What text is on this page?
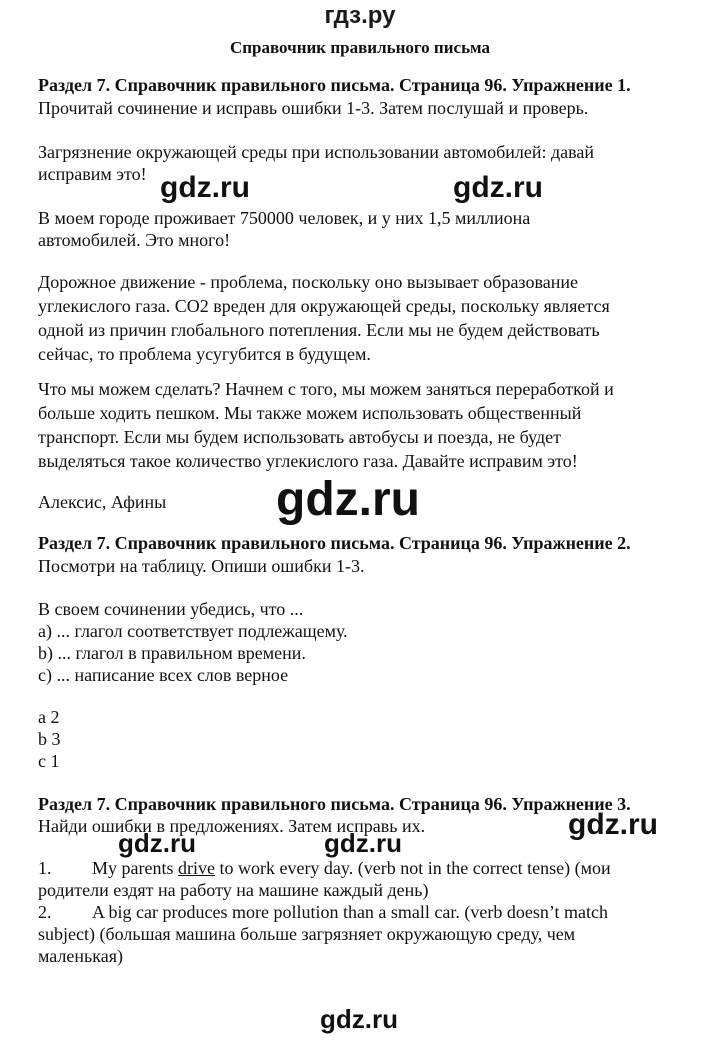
гдз.ру
Справочник правильного письма
Раздел 7. Справочник правильного письма. Страница 96. Упражнение 1.
Прочитай сочинение и исправь ошибки 1-3. Затем послушай и проверь.
Загрязнение окружающей среды при использовании автомобилей: давай
исправим это!
В моем городе проживает 750000 человек, и у них 1,5 миллиона
автомобилей. Это много!
Дорожное движение - проблема, поскольку оно вызывает образование
углекислого газа. СО2 вреден для окружающей среды, поскольку является
одной из причин глобального потепления. Если мы не будем действовать
сейчас, то проблема усугубится в будущем.
Что мы можем сделать? Начнем с того, мы можем заняться переработкой и
больше ходить пешком. Мы также можем использовать общественный
транспорт. Если мы будем использовать автобусы и поезда, не будет
выделяться такое количество углекислого газа. Давайте исправим это!
Алексис, Афины
Раздел 7. Справочник правильного письма. Страница 96. Упражнение 2.
Посмотри на таблицу. Опиши ошибки 1-3.
В своем сочинении убедись, что ...
a) ... глагол соответствует подлежащему.
b) ... глагол в правильном времени.
c) ... написание всех слов верное
a 2
b 3
c 1
Раздел 7. Справочник правильного письма. Страница 96. Упражнение 3.
Найди ошибки в предложениях. Затем исправь их.
1. My parents drive to work every day. (verb not in the correct tense) (мои
родители ездят на работу на машине каждый день)
2. A big car produces more pollution than a small car. (verb doesn’t match
subject) (большая машина больше загрязняет окружающую среду, чем
маленькая)
gdz.ru	gdz.ru
gdz.ru
gdz.ru	gdz.ru
gdz.ru
gdz.ru
